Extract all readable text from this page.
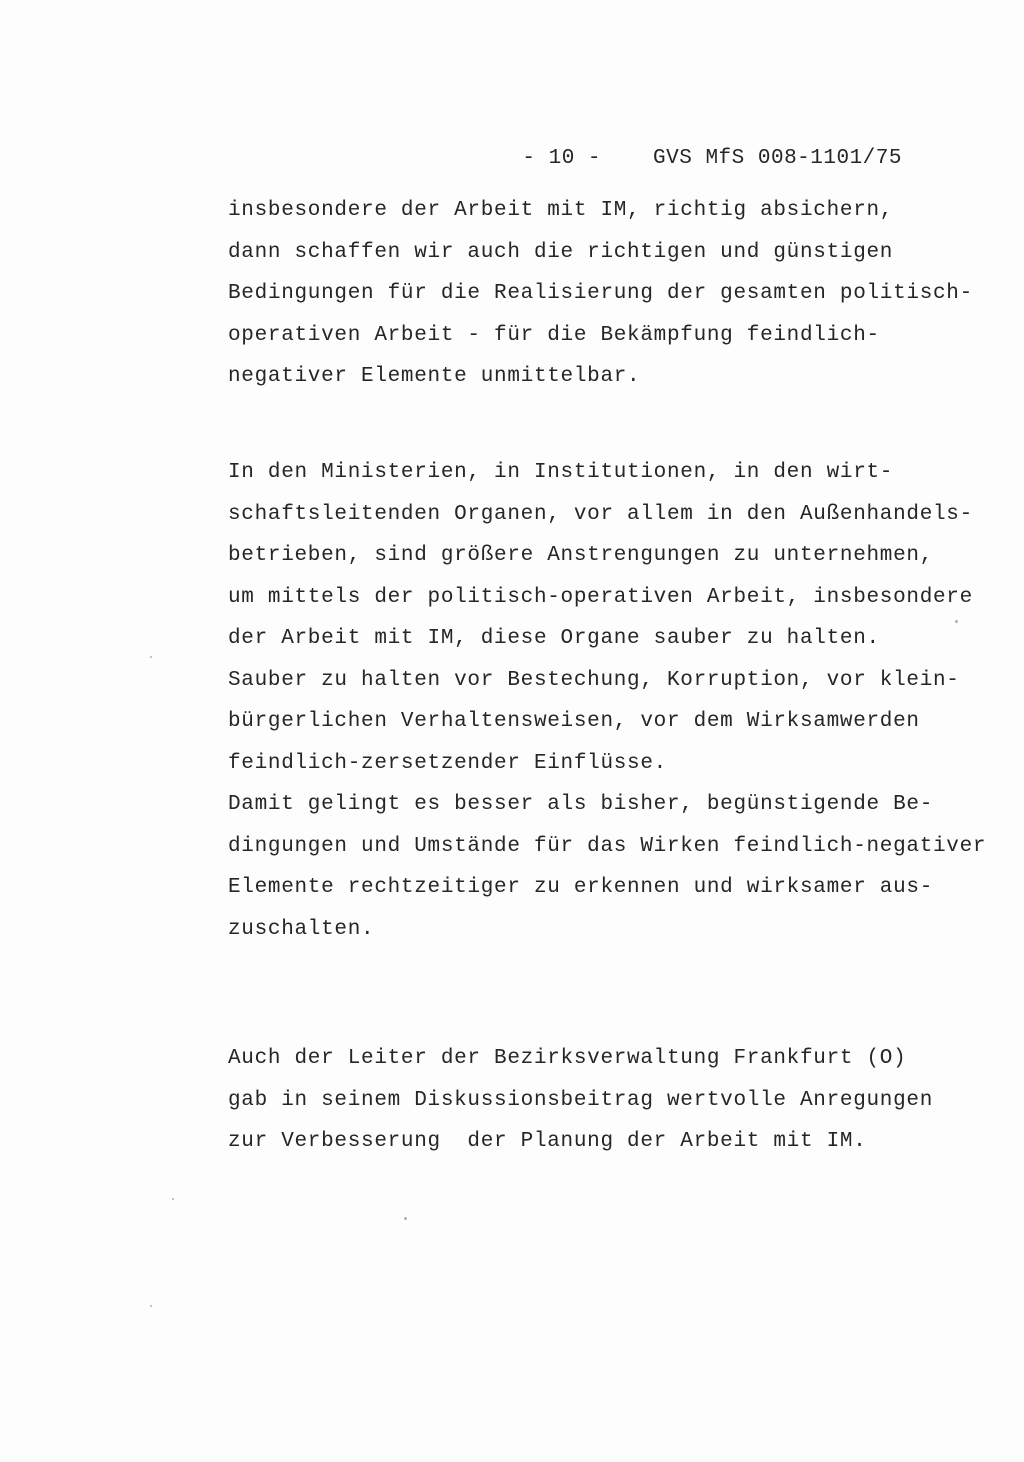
- 10 - GVS MfS 008-1101/75

insbesondere der Arbeit mit IM, richtig absichern,
dann schaffen wir auch die richtigen und günstigen
Bedingungen für die Realisierung der gesamten politisch-
operativen Arbeit - für die Bekämpfung feindlich-
negativer Elemente unmittelbar.
In den Ministerien, in Institutionen, in den wirt-
schaftsleitenden Organen, vor allem in den Außenhandels-
betrieben, sind größere Anstrengungen zu unternehmen,
um mittels der politisch-operativen Arbeit, insbesondere
der Arbeit mit IM, diese Organe sauber zu halten.
Sauber zu halten vor Bestechung, Korruption, vor klein-
bürgerlichen Verhaltensweisen, vor dem Wirksamwerden
feindlich-zersetzender Einflüsse.
Damit gelingt es besser als bisher, begünstigende Be-
dingungen und Umstände für das Wirken feindlich-negativer
Elemente rechtzeitiger zu erkennen und wirksamer aus-
zuschalten.
Auch der Leiter der Bezirksverwaltung Frankfurt (O)
gab in seinem Diskussionsbeitrag wertvolle Anregungen
zur Verbesserung  der Planung der Arbeit mit IM.
